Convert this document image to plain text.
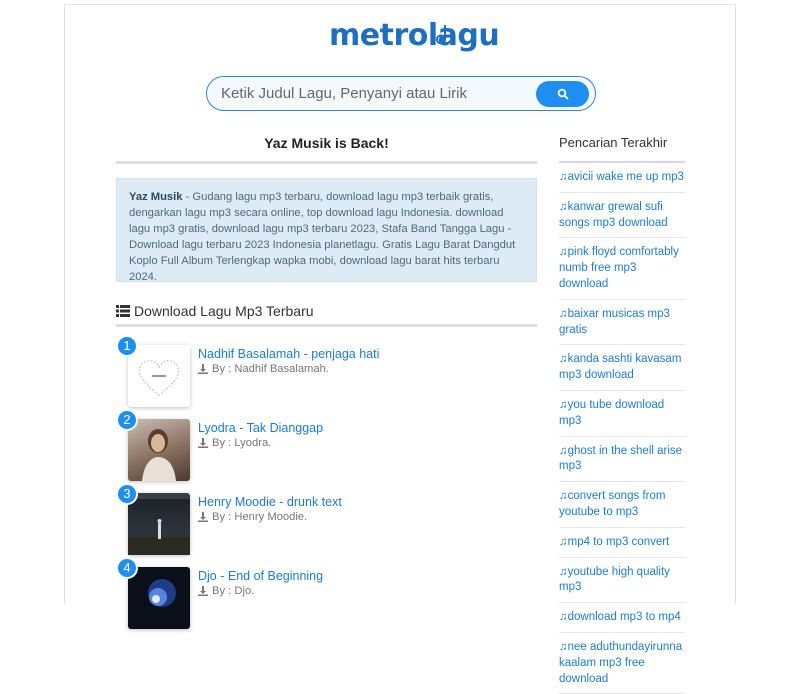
metrolagu
Ketik Judul Lagu, Penyanyi atau Lirik
Yaz Musik is Back!
Yaz Musik - Gudang lagu mp3 terbaru, download lagu mp3 terbaik gratis, dengarkan lagu mp3 secara online, top download lagu Indonesia. download lagu mp3 gratis, download lagu mp3 terbaru 2023, Stafa Band Tangga Lagu - Download lagu terbaru 2023 Indonesia planetlagu. Gratis Lagu Barat Dangdut Koplo Full Album Terlengkap wapka mobi, download lagu barat hits terbaru 2024.
Download Lagu Mp3 Terbaru
1
Nadhif Basalamah - penjaga hati
By : Nadhif Basalamah.
2
Lyodra - Tak Dianggap
By : Lyodra.
3
Henry Moodie - drunk text
By : Henry Moodie.
4
Djo - End of Beginning
By : Djo.
Pencarian Terakhir
♫avicii wake me up mp3
♫kanwar grewal sufi songs mp3 download
♫pink floyd comfortably numb free mp3 download
♫baixar musicas mp3 gratis
♫kanda sashti kavasam mp3 download
♫you tube download mp3
♫ghost in the shell arise mp3
♫convert songs from youtube to mp3
♫mp4 to mp3 convert
♫youtube high quality mp3
♫download mp3 to mp4
♫nee aduthundayirunna kaalam mp3 free download
